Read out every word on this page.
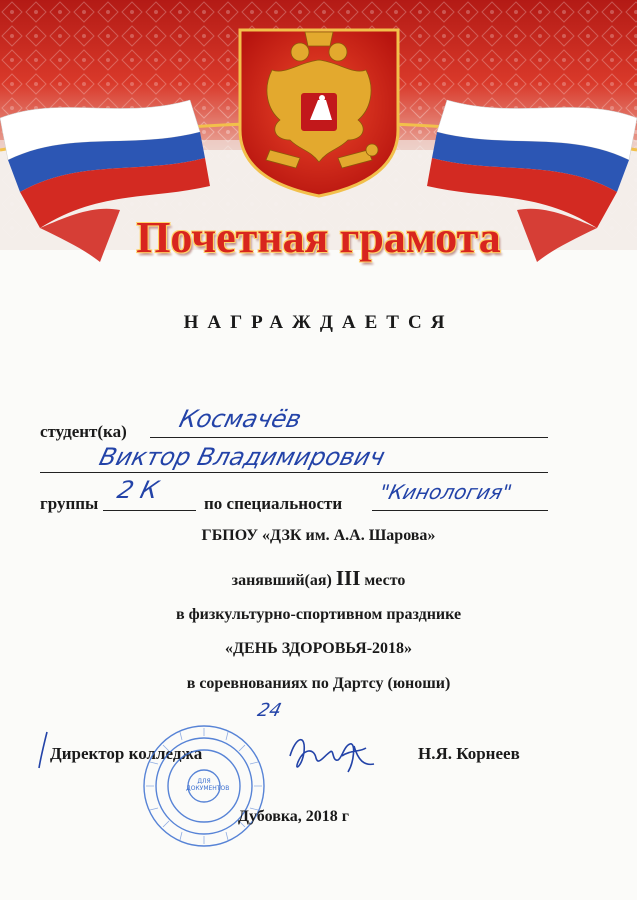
Почетная грамота
НАГРАЖДАЕТСЯ
студент(ка) Космачёв
Виктор Владимирович
группы 2 К	по специальности "Кинология"
ГБПОУ «ДЗК им. А.А. Шарова»
занявший(ая) III место
в физкультурно-спортивном празднике
«ДЕНЬ ЗДОРОВЬЯ-2018»
в соревнованиях по Дартсу (юноши)
24
Директор колледжа
ДЛЯ ДОКУМЕНТОВ
Н.Я. Корнеев
Дубовка, 2018 г
